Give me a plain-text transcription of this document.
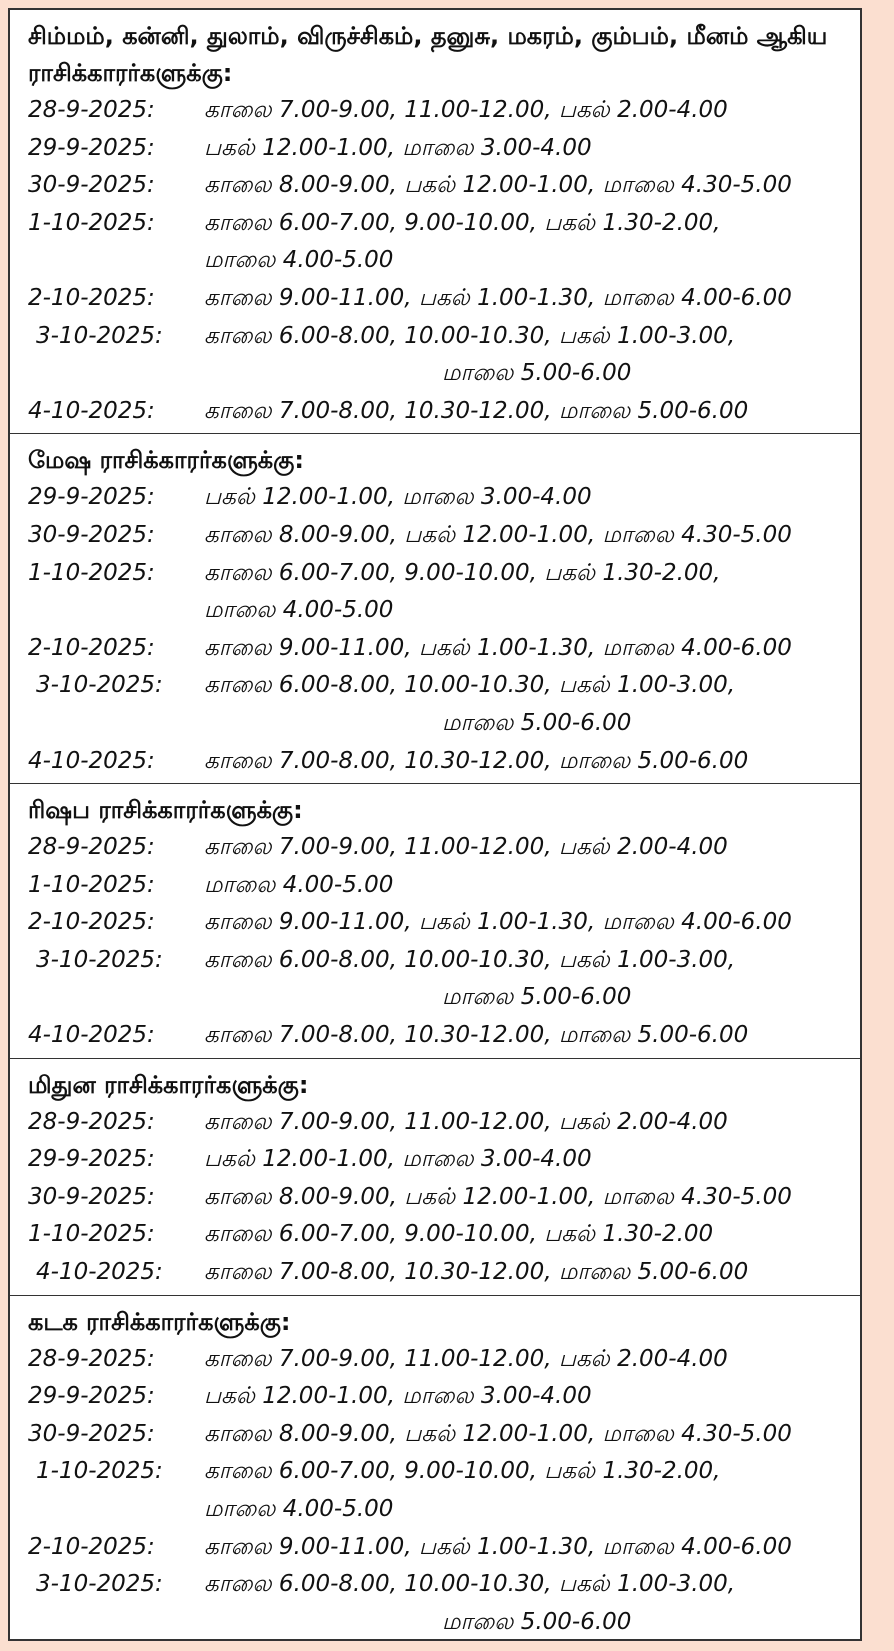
சிம்மம், கன்னி, துலாம், விருச்சிகம், தனுசு, மகரம், கும்பம், மீனம் ஆகிய ராசிக்காரர்களுக்கு:
28-9-2025:	காலை 7.00-9.00, 11.00-12.00, பகல் 2.00-4.00
29-9-2025:	பகல் 12.00-1.00, மாலை 3.00-4.00
30-9-2025:	காலை 8.00-9.00, பகல் 12.00-1.00, மாலை 4.30-5.00
1-10-2025:	காலை 6.00-7.00, 9.00-10.00, பகல் 1.30-2.00,
மாலை 4.00-5.00
2-10-2025:	காலை 9.00-11.00, பகல் 1.00-1.30, மாலை 4.00-6.00
3-10-2025:	காலை 6.00-8.00, 10.00-10.30, பகல் 1.00-3.00,
மாலை 5.00-6.00
4-10-2025:	காலை 7.00-8.00, 10.30-12.00, மாலை 5.00-6.00
மேஷ ராசிக்காரர்களுக்கு:
29-9-2025:	பகல் 12.00-1.00, மாலை 3.00-4.00
30-9-2025:	காலை 8.00-9.00, பகல் 12.00-1.00, மாலை 4.30-5.00
1-10-2025:	காலை 6.00-7.00, 9.00-10.00, பகல் 1.30-2.00,
மாலை 4.00-5.00
2-10-2025:	காலை 9.00-11.00, பகல் 1.00-1.30, மாலை 4.00-6.00
3-10-2025:	காலை 6.00-8.00, 10.00-10.30, பகல் 1.00-3.00,
மாலை 5.00-6.00
4-10-2025:	காலை 7.00-8.00, 10.30-12.00, மாலை 5.00-6.00
ரிஷப ராசிக்காரர்களுக்கு:
28-9-2025:	காலை 7.00-9.00, 11.00-12.00, பகல் 2.00-4.00
1-10-2025:	மாலை 4.00-5.00
2-10-2025:	காலை 9.00-11.00, பகல் 1.00-1.30, மாலை 4.00-6.00
3-10-2025:	காலை 6.00-8.00, 10.00-10.30, பகல் 1.00-3.00,
மாலை 5.00-6.00
4-10-2025:	காலை 7.00-8.00, 10.30-12.00, மாலை 5.00-6.00
மிதுன ராசிக்காரர்களுக்கு:
28-9-2025:	காலை 7.00-9.00, 11.00-12.00, பகல் 2.00-4.00
29-9-2025:	பகல் 12.00-1.00, மாலை 3.00-4.00
30-9-2025:	காலை 8.00-9.00, பகல் 12.00-1.00, மாலை 4.30-5.00
1-10-2025:	காலை 6.00-7.00, 9.00-10.00, பகல் 1.30-2.00
4-10-2025:	காலை 7.00-8.00, 10.30-12.00, மாலை 5.00-6.00
கடக ராசிக்காரர்களுக்கு:
28-9-2025:	காலை 7.00-9.00, 11.00-12.00, பகல் 2.00-4.00
29-9-2025:	பகல் 12.00-1.00, மாலை 3.00-4.00
30-9-2025:	காலை 8.00-9.00, பகல் 12.00-1.00, மாலை 4.30-5.00
1-10-2025:	காலை 6.00-7.00, 9.00-10.00, பகல் 1.30-2.00,
மாலை 4.00-5.00
2-10-2025:	காலை 9.00-11.00, பகல் 1.00-1.30, மாலை 4.00-6.00
3-10-2025:	காலை 6.00-8.00, 10.00-10.30, பகல் 1.00-3.00,
மாலை 5.00-6.00
